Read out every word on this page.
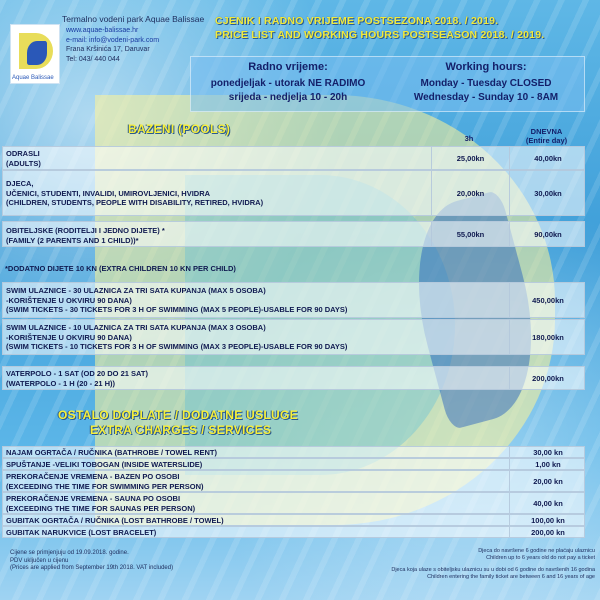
Termalno vodeni park Aquae Balissae
Aquae Balissae
www.aquae-balissae.hr
e-mail: info@vodeni-park.com
Frana Kršinića 17, Daruvar
Tel: 043/ 440 044
CJENIK I RADNO VRIJEME POSTSEZONA 2018. / 2019.
PRICE LIST AND WORKING HOURS POSTSEASON 2018. / 2019.
Radno vrijeme:
ponedjeljak - utorak NE RADIMO
srijeda - nedjelja 10 - 20h
Working hours:
Monday - Tuesday CLOSED
Wednesday - Sunday 10 - 8AM
BAZENI (POOLS)
3h
DNEVNA
(Entire day)
ODRASLI
(ADULTS)
25,00kn	40,00kn
DJECA,
UČENICI, STUDENTI, INVALIDI, UMIROVLJENICI, HVIDRA
(CHILDREN, STUDENTS, PEOPLE WITH DISABILITY, RETIRED, HVIDRA)
20,00kn	30,00kn
OBITELJSKE (RODITELJI I JEDNO DIJETE) *
(FAMILY (2 PARENTS AND 1 CHILD))*
55,00kn	90,00kn
*DODATNO DIJETE 10 KN (EXTRA CHILDREN 10 KN PER CHILD)
SWIM ULAZNICE - 30 ULAZNICA ZA TRI SATA KUPANJA (MAX 5 OSOBA)
-KORIŠTENJE U OKVIRU 90 DANA)
(SWIM TICKETS - 30 TICKETS FOR 3 H OF SWIMMING (MAX 5 PEOPLE)-USABLE FOR 90 DAYS)
450,00kn
SWIM ULAZNICE - 10 ULAZNICA ZA TRI SATA KUPANJA (MAX 3 OSOBA)
-KORIŠTENJE U OKVIRU 90 DANA)
(SWIM TICKETS - 10 TICKETS FOR 3 H OF SWIMMING (MAX 3 PEOPLE)-USABLE FOR 90 DAYS)
180,00kn
VATERPOLO - 1 SAT (OD 20 DO 21 SAT)
(WATERPOLO - 1 H (20 - 21 H))
200,00kn
OSTALO DOPLATE / DODATNE USLUGE
EXTRA CHARGES / SERVICES
NAJAM OGRTAČA / RUČNIKA (BATHROBE / TOWEL RENT)	30,00 kn
SPUŠTANJE -VELIKI TOBOGAN (INSIDE WATERSLIDE)	1,00 kn
PREKORAČENJE VREMENA - BAZEN PO OSOBI
(EXCEEDING THE TIME FOR SWIMMING PER PERSON)
20,00 kn
PREKORAČENJE VREMENA - SAUNA PO OSOBI
(EXCEEDING THE TIME FOR SAUNAS PER PERSON)
40,00 kn
GUBITAK OGRTAČA / RUČNIKA (LOST BATHROBE / TOWEL)	100,00 kn
GUBITAK NARUKVICE (LOST BRACELET)	200,00 kn
Cijene se primjenjuju od 19.09.2018. godine.
PDV uključen u cijenu
(Prices are applied from September 19th 2018. VAT included)
Djeca do navršene 6 godine ne plaćaju ulaznicu
Children up to 6 years old do not pay a ticket
Djeca koja ulaze s obiteljsku ulaznicu su u dobi od 6 godine do navršenih 16 godina
Children entering the family ticket are between 6 and 16 years of age
